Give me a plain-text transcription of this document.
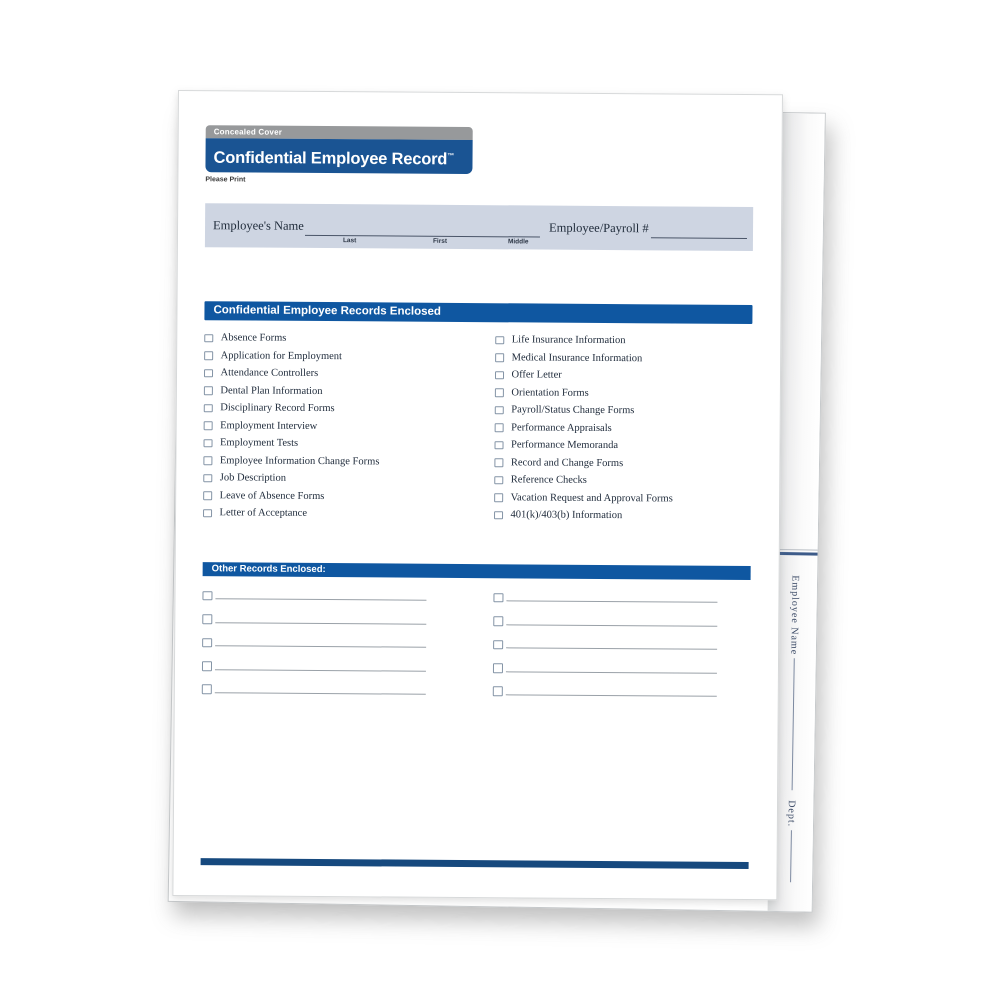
Employee Name
Dept.
Concealed Cover
Confidential Employee Record™
Please Print
Employee's Name
Last	First	Middle
Employee/Payroll #
Confidential Employee Records Enclosed
Absence Forms
Application for Employment
Attendance Controllers
Dental Plan Information
Disciplinary Record Forms
Employment Interview
Employment Tests
Employee Information Change Forms
Job Description
Leave of Absence Forms
Letter of Acceptance
Life Insurance Information
Medical Insurance Information
Offer Letter
Orientation Forms
Payroll/Status Change Forms
Performance Appraisals
Performance Memoranda
Record and Change Forms
Reference Checks
Vacation Request and Approval Forms
401(k)/403(b) Information
Other Records Enclosed:
